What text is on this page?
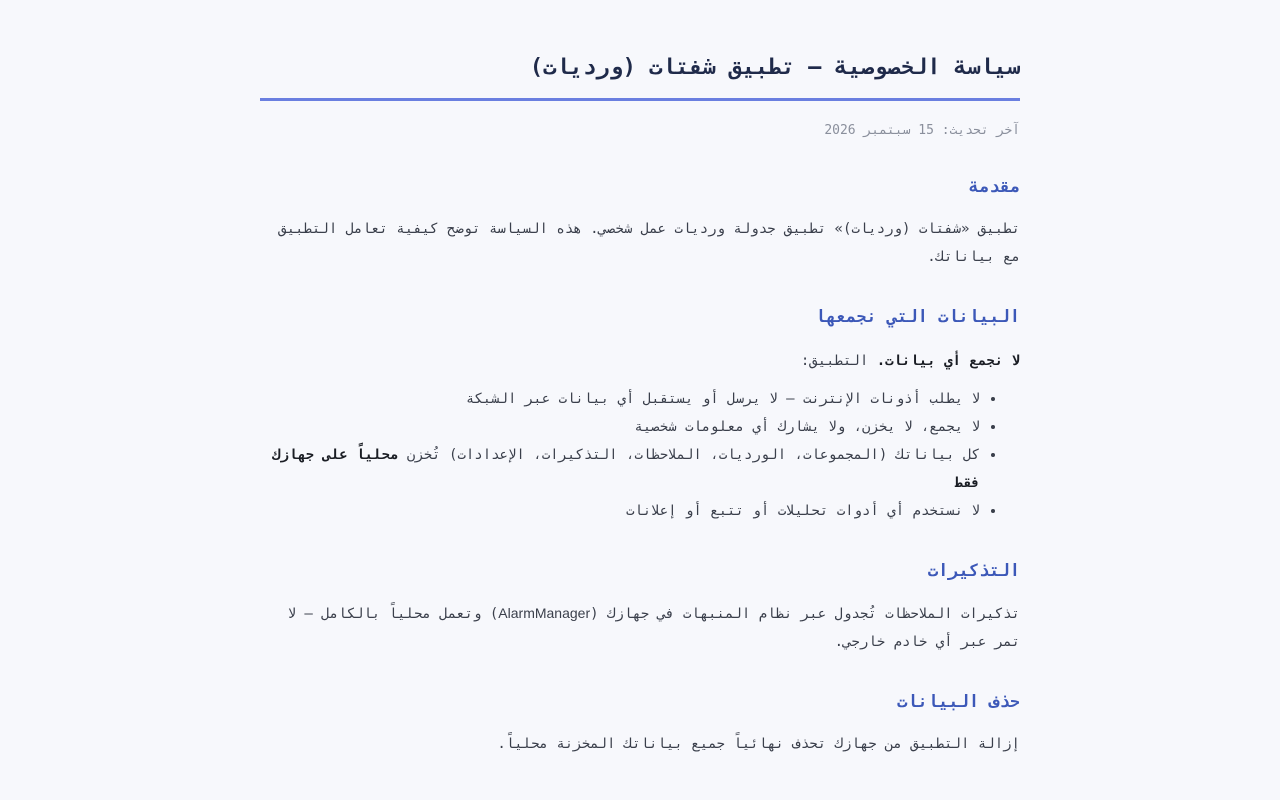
سياسة الخصوصية — تطبيق شفتات (ورديات)
آخر تحديث: 15 سبتمبر 2026
مقدمة

تطبيق «شفتات (ورديات)» تطبيق جدولة ورديات عمل شخصي. هذه السياسة توضح كيفية تعامل التطبيق مع بياناتك.

البيانات التي نجمعها

لا نجمع أي بيانات. التطبيق:

• لا يطلب أذونات الإنترنت — لا يرسل أو يستقبل أي بيانات عبر الشبكة
• لا يجمع، لا يخزن، ولا يشارك أي معلومات شخصية
• كل بياناتك (المجموعات، الورديات، الملاحظات، التذكيرات، الإعدادات) تُخزن محلياً على جهازك فقط
• لا نستخدم أي أدوات تحليلات أو تتبع أو إعلانات
التذكيرات

تذكيرات الملاحظات تُجدول عبر نظام المنبهات في جهازك (AlarmManager) وتعمل محلياً بالكامل — لا تمر عبر أي خادم خارجي.

حذف البيانات

إزالة التطبيق من جهازك تحذف نهائياً جميع بياناتك المخزنة محلياً.
